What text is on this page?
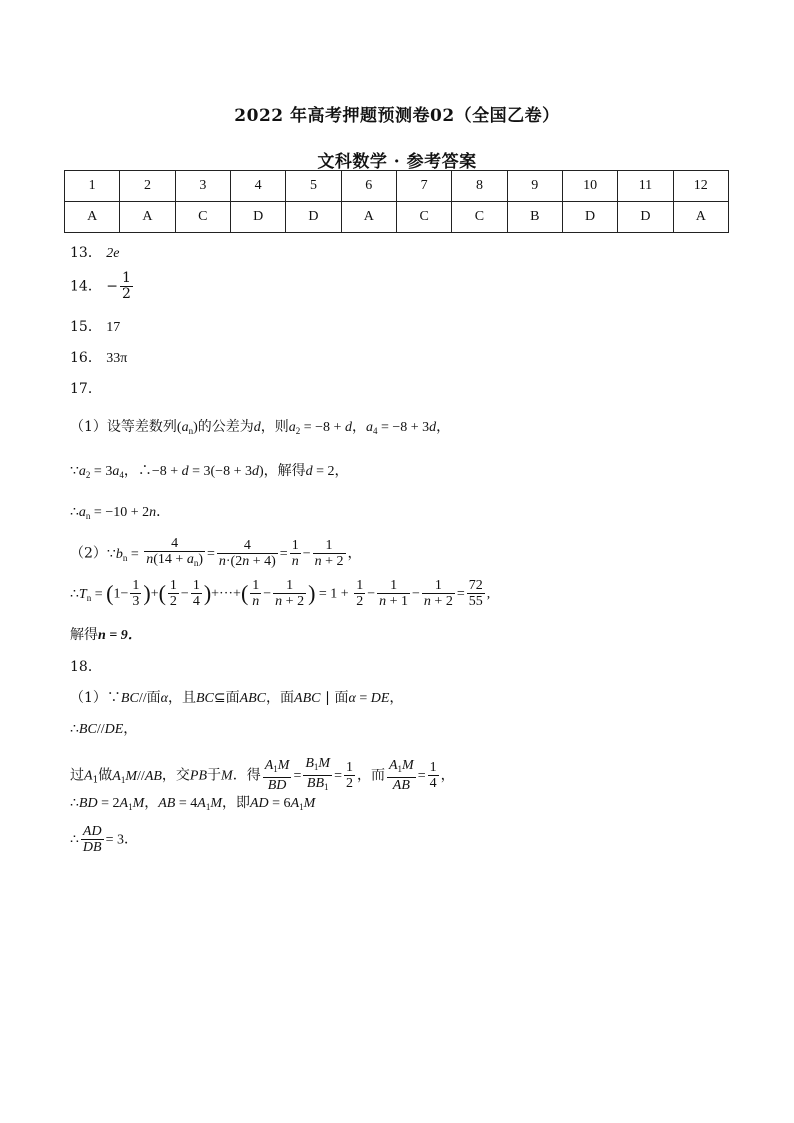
2022 年高考押题预测卷02（全国乙卷）
文科数学 · 参考答案
1	2	3	4	5	6	7	8	9	10	11	12
A	A	C	D	D	A	C	C	B	D	D	A
13． 2e
14． − $\frac{1}{2}$
15． 17
16． 33π
17．
（1）设等差数列$(a_n)$的公差为d，则$a_2 = -8 + d$，$a_4 = -8 + 3d$，
$\because a_2 = 3a_4$，∴−8 + d = 3(−8 + 3d)，解得d = 2，
$\therefore a_n = -10 + 2n$．
$(2)\because b_n = \frac{4}{n(14 + a_n)} = \frac{4}{n\cdot(2n + 4)} = \frac{1}{n} - \frac{1}{n + 2}$ ，
$\therefore T_n = (1- \frac{1}{3}$ )+( $\frac{1}{2} - \frac{1}{4}$ )+···+( $\frac{1}{n} - \frac{1}{n + 2}$ ) = $1 + \frac{1}{2} - \frac{1}{n + 1} - \frac{1}{n + 2} = \frac{72}{55}$ ,
解得n = 9．
18．
（1）∵BC//面α，且BC⊆面ABC，面ABC ∣ 面α = DE，
∴BC//DE，
过$A_1$做$A_1M//AB$，交PB于M．得 $\frac{A_1M}{BD} = \frac{B_1M}{BB_1} = \frac{1}{2}$ ，而 $\frac{A_1M}{AB} = \frac{1}{4}$ ，
∴BD = $2A_1M$，AB = $4A_1M$，即AD = $6A_1M$
∴ $\frac{AD}{DB} = 3$．
